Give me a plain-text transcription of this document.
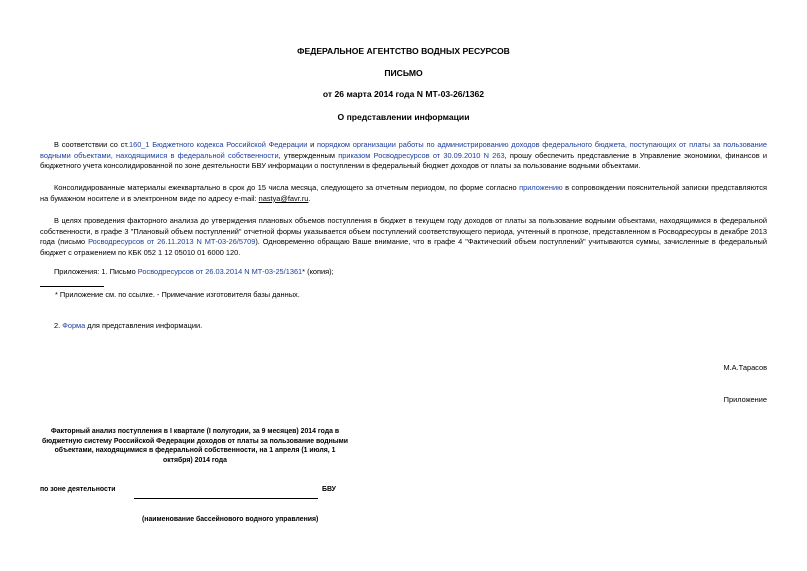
ФЕДЕРАЛЬНОЕ АГЕНТСТВО ВОДНЫХ РЕСУРСОВ
ПИСЬМО
от 26 марта 2014 года N МТ-03-26/1362
О представлении информации
В соответствии со ст.160_1 Бюджетного кодекса Российской Федерации и порядком организации работы по администрированию доходов федерального бюджета, поступающих от платы за пользование водными объектами, находящимися в федеральной собственности, утвержденным приказом Росводресурсов от 30.09.2010 N 263, прошу обеспечить представление в Управление экономики, финансов и бюджетного учета консолидированной по зоне деятельности БВУ информации о поступлении в федеральный бюджет доходов от платы за пользование водными объектами.
Консолидированные материалы ежеквартально в срок до 15 числа месяца, следующего за отчетным периодом, по форме согласно приложению в сопровождении пояснительной записки представляются на бумажном носителе и в электронном виде по адресу e-mail: nastya@favr.ru.
В целях проведения факторного анализа до утверждения плановых объемов поступления в бюджет в текущем году доходов от платы за пользование водными объектами, находящимися в федеральной собственности, в графе 3 "Плановый объем поступлений" отчетной формы указывается объем поступлений соответствующего периода, учтенный в прогнозе, представленном в Росводресурсы в декабре 2013 года (письмо Росводресурсов от 26.11.2013 N МТ-03-26/5709). Одновременно обращаю Ваше внимание, что в графе 4 "Фактический объем поступлений" учитываются суммы, зачисленные в федеральный бюджет с отражением по КБК 052 1 12 05010 01 6000 120.
Приложения: 1. Письмо Росводресурсов от 26.03.2014 N МТ-03-25/1361* (копия);
* Приложение см. по ссылке. - Примечание изготовителя базы данных.
2. Форма для представления информации.
М.А.Тарасов
Приложение
Факторный анализ поступления в I квартале (I полугодии, за 9 месяцев) 2014 года в бюджетную систему Российской Федерации доходов от платы за пользование водными объектами, находящимися в федеральной собственности, на 1 апреля (1 июля, 1 октября) 2014 года
по зоне деятельности	БВУ
(наименование бассейнового водного управления)
